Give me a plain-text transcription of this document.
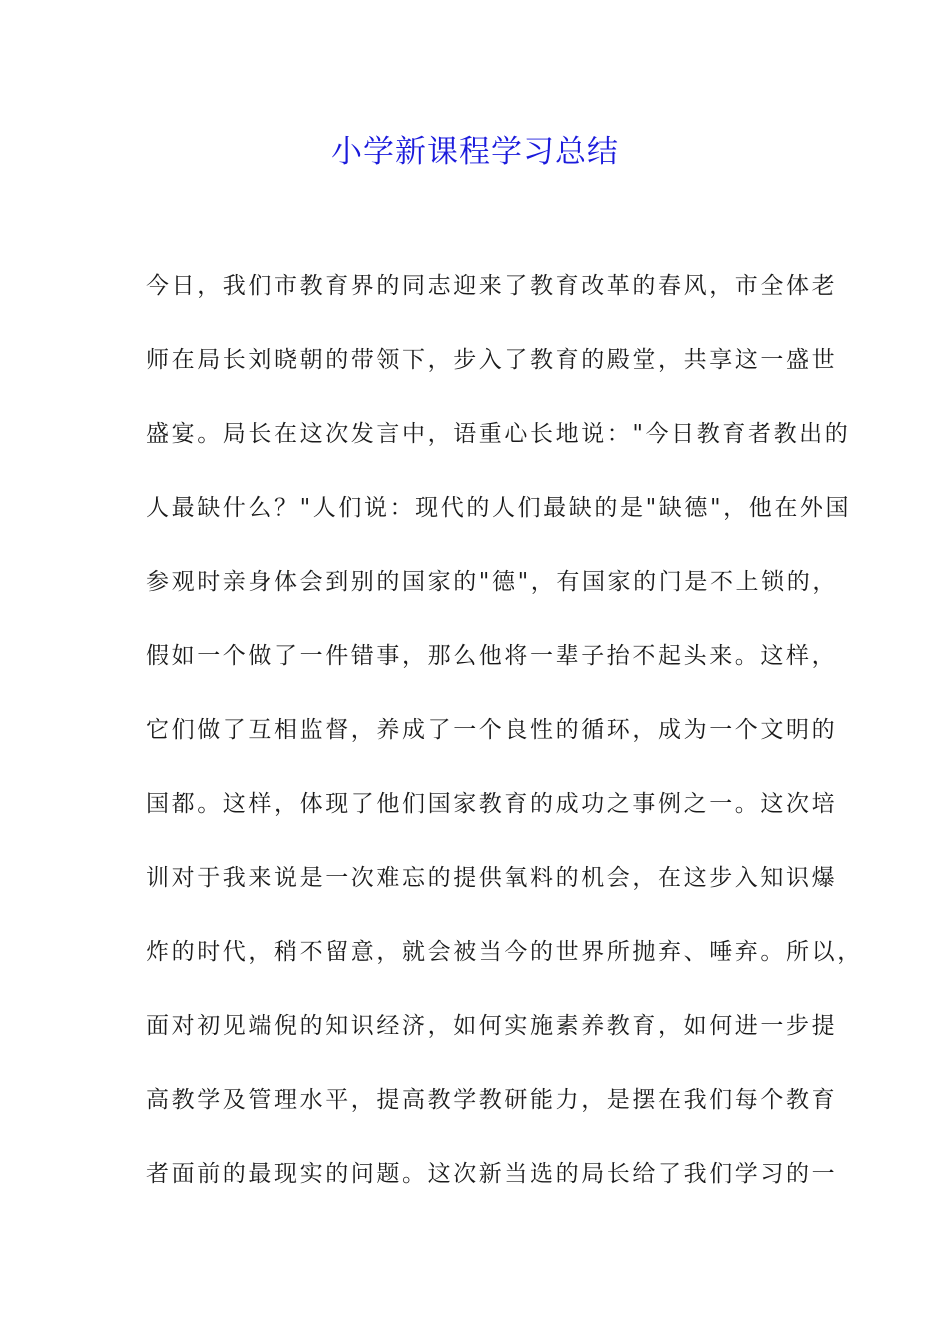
小学新课程学习总结
今日，我们市教育界的同志迎来了教育改革的春风，市全体老
师在局长刘晓朝的带领下，步入了教育的殿堂，共享这一盛世
盛宴。局长在这次发言中，语重心长地说："今日教育者教出的
人最缺什么？"人们说：现代的人们最缺的是"缺德"，他在外国
参观时亲身体会到别的国家的"德"，有国家的门是不上锁的，
假如一个做了一件错事，那么他将一辈子抬不起头来。这样，
它们做了互相监督，养成了一个良性的循环，成为一个文明的
国都。这样，体现了他们国家教育的成功之事例之一。这次培
训对于我来说是一次难忘的提供氧料的机会，在这步入知识爆
炸的时代，稍不留意，就会被当今的世界所抛弃、唾弃。所以，
面对初见端倪的知识经济，如何实施素养教育，如何进一步提
高教学及管理水平，提高教学教研能力，是摆在我们每个教育
者面前的最现实的问题。这次新当选的局长给了我们学习的一
